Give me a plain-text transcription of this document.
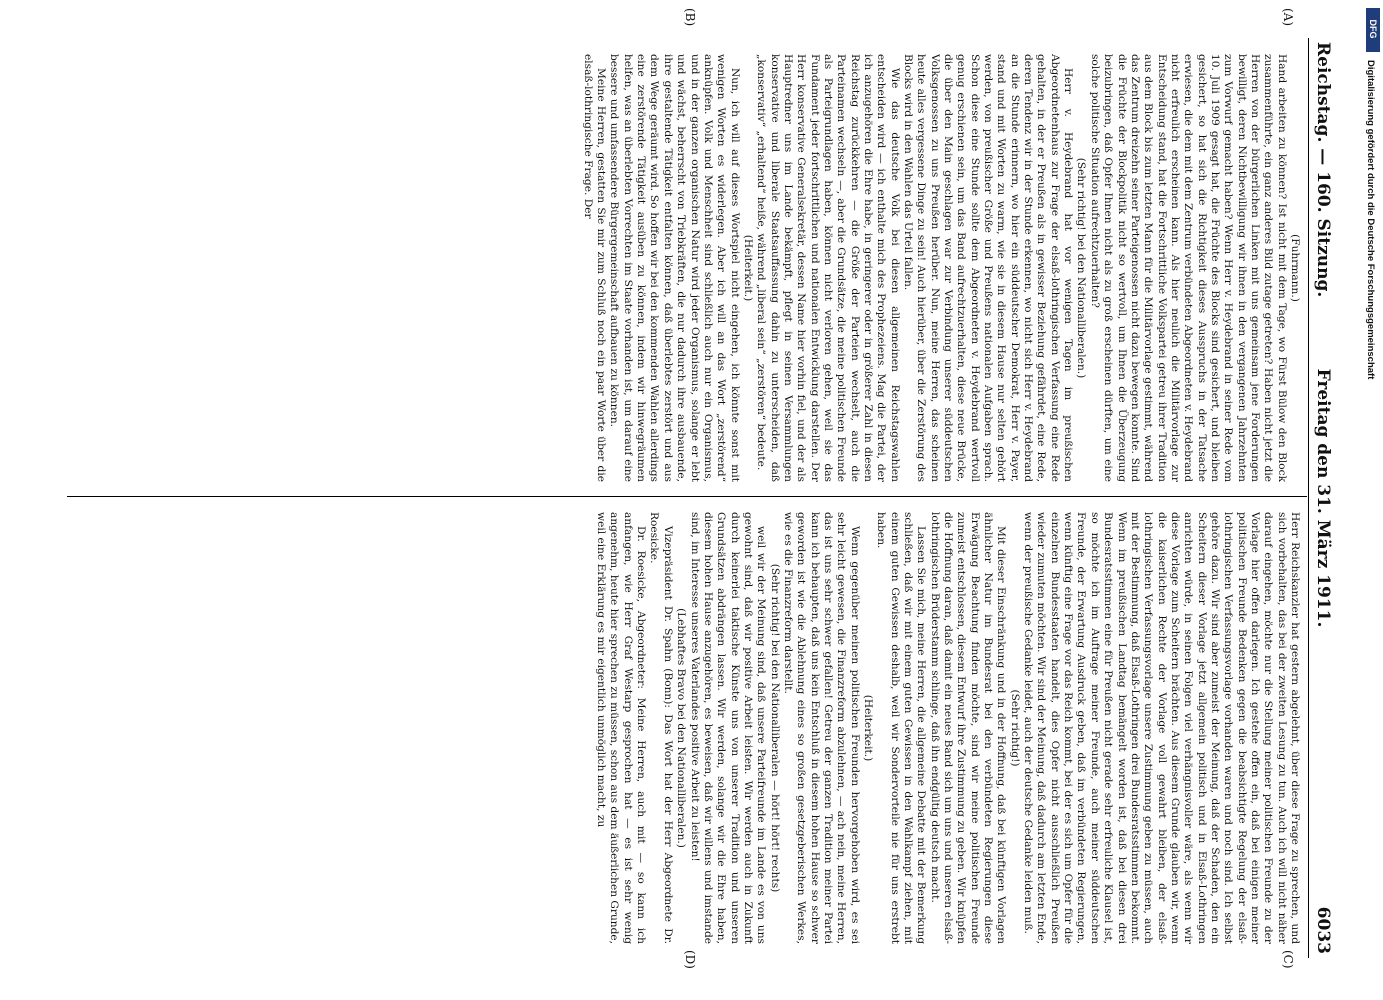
Reichstag. — 160. Sitzung.
Freitag den 31. März 1911.
6033
(A)
(B)
(C)
(D)

(Fuhrmann.)

Hand arbeiten zu können? Ist nicht mit dem Tage, wo Fürst Bülow den Block zusammenführte, ein ganz anderes Bild zutage getreten? Haben nicht jetzt die Herren von der bürgerlichen Linken mit uns gemeinsam jene Forderungen bewilligt, deren Nichtbewilligung wir ihnen in den vergangenen Jahrzehnten zum Vorwurf gemacht haben? Wenn Herr v. Heydebrand in seiner Rede vom 10. Juli 1909 gesagt hat, die Früchte des Blocks sind gesichert, und bleiben gesichert, so hat sich die Richtigkeit dieses Ausspruchs in der Tatsache erwiesen, die dem mit dem Zentrum verbündeten Abgeordneten v. Heydebrand nicht erfreulich erscheinen kann. Als hier neulich die Militärvorlage zur Entscheidung stand, hat die Fortschrittliche Volkspartei getreu ihrer Tradition aus dem Block bis zum letzten Mann für die Militärvorlage gestimmt, während das Zentrum dreizehn seiner Parteigenossen nicht dazu bewegen konnte. Sind die Früchte der Blockpolitik nicht so wertvoll, um Ihnen die Überzeugung beizubringen, daß Opfer Ihnen nicht als zu groß erscheinen dürften, um eine solche politische Situation aufrechtzuerhalten?

(Sehr richtig! bei den Nationalliberalen.)

Herr v. Heydebrand hat vor wenigen Tagen im preußischen Abgeordnetenhaus zur Frage der elsaß-lothringischen Verfassung eine Rede gehalten, in der er Preußen als in gewisser Beziehung gefährdet, eine Rede, deren Tendenz wir in der Stunde erkennen, wo nicht sich Herr v. Heydebrand an die Stunde erinnern, wo hier ein süddeutscher Demokrat, Herr v. Payer, stand und mit Worten zu warm, wie sie in diesem Hause nur selten gehört werden, von preußischer Größe und Preußens nationalen Aufgaben sprach. Schon diese eine Stunde sollte dem Abgeordneten v. Heydebrand wertvoll genug erschienen sein, um das Band aufrechtzuerhalten, diese neue Brücke, die über den Main geschlagen war zur Verbindung unserer süddeutschen Volksgenossen zu uns Preußen herüber. Nun, meine Herren, das scheinen heute alles vergessene Dinge zu sein! Auch hierüber, über die Zerstörung des Blocks wird in den Wahlen das Urteil fallen.

Wie das deutsche Volk bei diesen allgemeinen Reichstagswahlen entscheiden wird — ich enthalte mich des Prophezeiens. Mag die Partei, der ich anzugehören die Ehre habe, in geringerer oder in größerer Zahl in diesen Reichstag zurückkehren — die Größe der Parteien wechselt, auch die Parteinamen wechseln —, aber die Grundsätze, die meine politischen Freunde als Parteigrundlagen haben, können nicht verloren gehen, weil sie das Fundament jeder fortschrittlichen und nationalen Entwicklung darstellen. Der Herr konservative Generalsekretär, dessen Name hier vorhin fiel, und der als Hauptredner uns im Lande bekämpft, pflegt in seinen Versammlungen konservative und liberale Staatsauffassung dahin zu unterscheiden, daß „konservativ“ „erhaltend“ heiße, während „liberal sein“ „zerstören“ bedeute.

(Heiterkeit.)

Nun, ich will auf dieses Wortspiel nicht eingehen, ich könnte sonst mit wenigen Worten es widerlegen. Aber ich will an das Wort „zerstörend“ anknüpfen. Volk und Menschheit sind schließlich auch nur ein Organismus, und in der ganzen organischen Natur wird jeder Organismus, solange er lebt und wächst, beherrscht von Triebkräften, die nur dadurch ihre ausbauende, ihre gestaltende Tätigkeit entfalten können, daß überlebtes zerstört und aus dem Wege geräumt wird. So hoffen wir bei den kommenden Wahlen allerdings eine zerstörende Tätigkeit ausüben zu können, indem wir hinwegräumen helfen, was an überlebten Vorrechten im Staate vorhanden ist, um darauf eine bessere und umfassendere Bürgergemeinschaft aufbauen zu können.

Meine Herren, gestatten Sie mir zum Schluß noch ein paar Worte über die elsaß-lothringische Frage. Der

Herr Reichskanzler hat gestern abgelehnt, über diese Frage zu sprechen, und sich vorbehalten, das bei der zweiten Lesung zu tun. Auch ich will nicht näher darauf eingehen, möchte nur die Stellung meiner politischen Freunde zu der Vorlage hier offen darlegen. Ich gestehe offen ein, daß bei einigen meiner politischen Freunde Bedenken gegen die beabsichtigte Regelung der elsaß-lothringischen Verfassungsvorlage vorhanden waren und noch sind. Ich selbst gehöre dazu. Wir sind aber zumeist der Meinung, daß der Schaden, den ein Scheitern dieser Vorlage jetzt allgemein politisch und in Elsaß-Lothringen anrichten würde, in seinen Folgen viel verhängnisvoller wäre, als wenn wir diese Vorlage zum Scheitern brächten. Aus diesem Grunde glauben wir, wenn die kaiserlichen Rechte der Vorlage voll gewahrt bleiben, der elsaß-lothringischen Verfassungsvorlage unsere Zustimmung geben zu müssen, auch mit der Bestimmung, daß Elsaß-Lothringen drei Bundesratsstimmen bekommt. Wenn im preußischen Landtag bemängelt worden ist, daß bei diesen drei Bundesratsstimmen eine für Preußen nicht gerade sehr erfreuliche Klausel ist, so möchte ich im Auftrage meiner Freunde, auch meiner süddeutschen Freunde, der Erwartung Ausdruck geben, daß im verbündeten Regierungen, wenn künftig eine Frage vor das Reich kommt, bei der es sich um Opfer für die einzelnen Bundesstaaten handelt, dies Opfer nicht ausschließlich Preußen wieder zumuten möchten. Wir sind der Meinung, daß dadurch am letzten Ende, wenn der preußische Gedanke leidet, auch der deutsche Gedanke leiden muß.

(Sehr richtig!)

Mit dieser Einschränkung und in der Hoffnung, daß bei künftigen Vorlagen ähnlicher Natur im Bundesrat bei den verbündeten Regierungen diese Erwägung Beachtung finden möchte, sind wir meine politischen Freunde zumeist entschlossen, diesem Entwurf ihre Zustimmung zu geben. Wir knüpfen die Hoffnung daran, daß damit ein neues Band sich um uns und unseren elsaß-lothringischen Brüderstamm schlinge, daß ihn endgültig deutsch macht.

Lassen Sie mich, meine Herren, die allgemeine Debatte mit der Bemerkung schließen, daß wir mit einem guten Gewissen in den Wahlkampf ziehen, mit einem guten Gewissen deshalb, weil wir Sondervorteile nie für uns erstrebt haben.

(Heiterkeit.)

Wenn gegenüber meinen politischen Freunden hervorgehoben wird, es sei sehr leicht gewesen, die Finanzreform abzulehnen, — ach nein, meine Herren, das ist uns sehr schwer gefallen! Getreu der ganzen Tradition meiner Partei kann ich behaupten, daß uns kein Entschluß in diesem hohen Hause so schwer geworden ist wie die Ablehnung eines so großen gesetzgeberischen Werkes, wie es die Finanzreform darstellt.

(Sehr richtig! bei den Nationalliberalen — hört! hört! rechts)

weil wir der Meinung sind, daß unsere Parteifreunde im Lande es von uns gewohnt sind, daß wir positive Arbeit leisten. Wir werden auch in Zukunft durch keinerlei taktische Künste uns von unserer Tradition und unseren Grundsätzen abdrängen lassen. Wir werden, solange wir die Ehre haben, diesem hohen Hause anzugehören, es beweisen, daß wir willens und imstande sind, im Interesse unseres Vaterlandes positive Arbeit zu leisten!

(Lebhaftes Bravo bei den Nationalliberalen.)

Vizepräsident Dr. Spahn (Bonn): Das Wort hat der Herr Abgeordnete Dr. Roesicke.

Dr. Roesicke, Abgeordneter: Meine Herren, auch mit — so kann ich anfangen, wie Herr Graf Westarp gesprochen hat — es ist sehr wenig angenehm, heute hier sprechen zu müssen, schon aus dem äußerlichen Grunde, weil eine Erklärung es mir eigentlich unmöglich macht, zu

Digitalisierung gefördert durch die Deutsche Forschungsgemeinschaft
DFG
